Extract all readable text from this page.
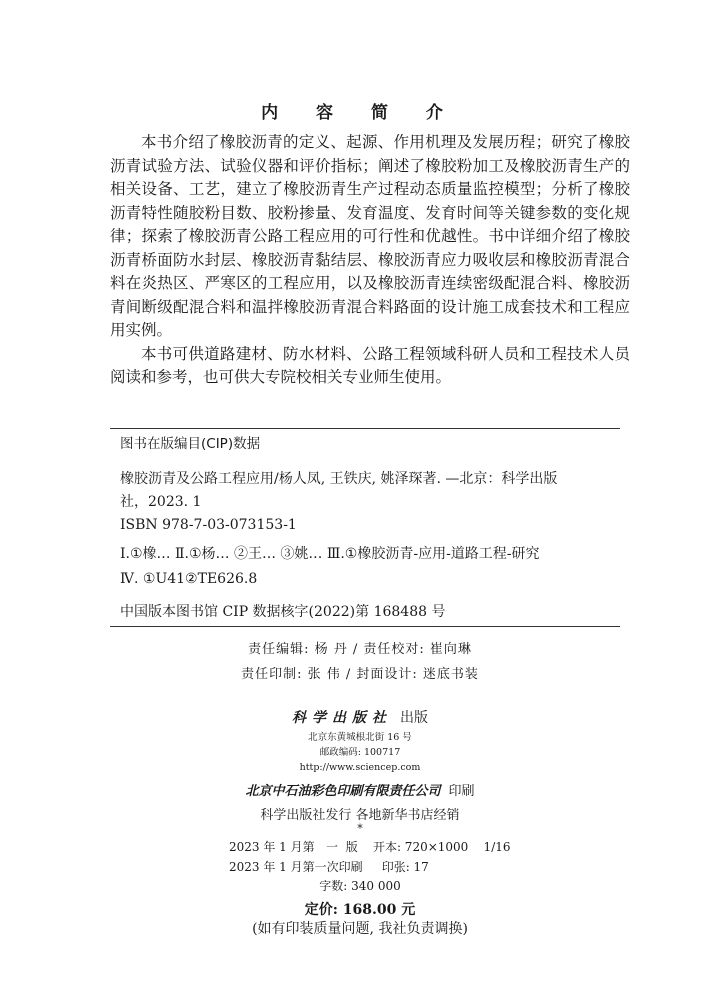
内 容 简 介

本书介绍了橡胶沥青的定义、起源、作用机理及发展历程；研究了橡胶沥青试验方法、试验仪器和评价指标；阐述了橡胶粉加工及橡胶沥青生产的相关设备、工艺，建立了橡胶沥青生产过程动态质量监控模型；分析了橡胶沥青特性随胶粉目数、胶粉掺量、发育温度、发育时间等关键参数的变化规律；探索了橡胶沥青公路工程应用的可行性和优越性。书中详细介绍了橡胶沥青桥面防水封层、橡胶沥青黏结层、橡胶沥青应力吸收层和橡胶沥青混合料在炎热区、严寒区的工程应用，以及橡胶沥青连续密级配混合料、橡胶沥青间断级配混合料和温拌橡胶沥青混合料路面的设计施工成套技术和工程应用实例。

本书可供道路建材、防水材料、公路工程领域科研人员和工程技术人员阅读和参考，也可供大专院校相关专业师生使用。

图书在版编目(CIP)数据
橡胶沥青及公路工程应用/杨人凤, 王铁庆, 姚泽琛著. —北京：科学出版
社，2023. 1
ISBN 978-7-03-073153-1
Ⅰ.①橡… Ⅱ.①杨… ②王… ③姚… Ⅲ.①橡胶沥青-应用-道路工程-研究
Ⅳ. ①U41②TE626.8
中国版本图书馆 CIP 数据核字(2022)第 168488 号
责任编辑: 杨 丹 / 责任校对: 崔向琳
责任印制: 张 伟 / 封面设计: 迷底书装
科学出版社 出版
北京东黄城根北街 16 号
邮政编码: 100717
http://www.sciencep.com
北京中石油彩色印刷有限责任公司 印刷
科学出版社发行 各地新华书店经销
*
2023 年 1 月第   一  版    开本: 720×1000    1/16
2023 年 1 月第一次印刷     印张: 17
字数: 340 000
定价: 168.00 元
(如有印装质量问题, 我社负责调换)
